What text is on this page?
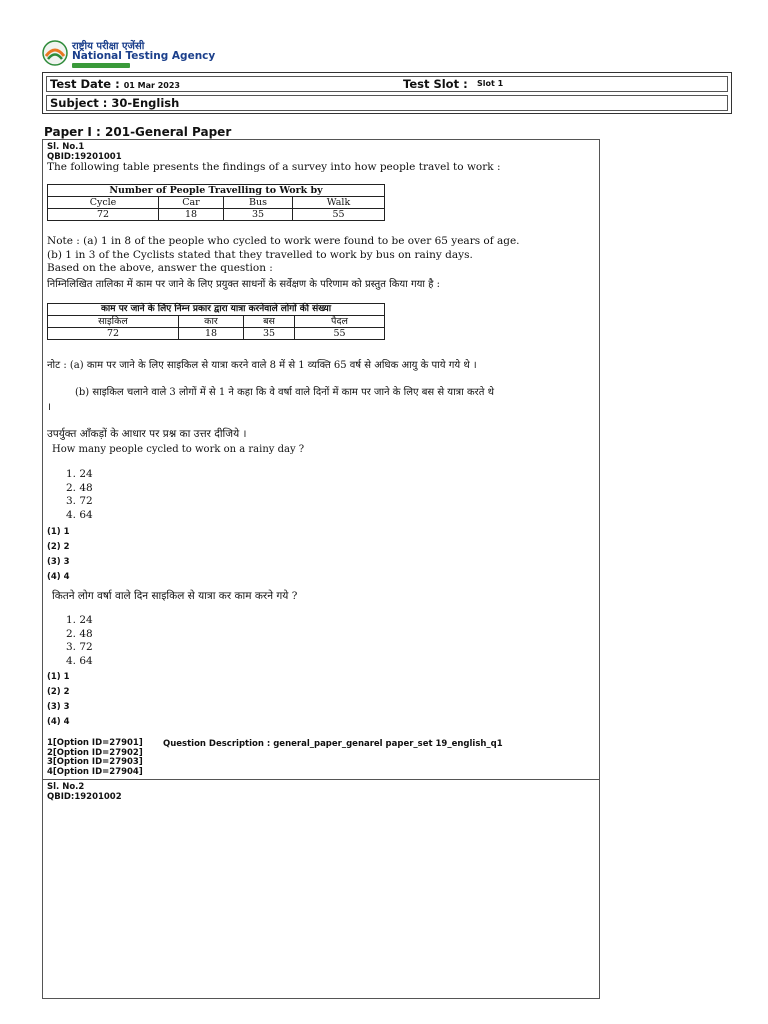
राष्ट्रीय परीक्षा एजेंसी
National Testing Agency
Test Date : 01 Mar 2023	Test Slot : Slot 1
Subject : 30-English
Paper I : 201-General Paper
Sl. No.1
QBID:19201001
The following table presents the findings of a survey into how people travel to work :
Number of People Travelling to Work by			
Cycle	Car	Bus	Walk
72	18	35	55
Note : (a) 1 in 8 of the people who cycled to work were found to be over 65 years of age.
(b) 1 in 3 of the Cyclists stated that they travelled to work by bus on rainy days.
Based on the above, answer the question :
निम्निलिखित तालिका में काम पर जाने के लिए प्रयुक्त साधनों के सर्वेक्षण के परिणाम को प्रस्तुत किया गया है :
काम पर जाने के लिए निम्न प्रकार द्वारा यात्रा करनेवाले लोगों की संख्या			
साइकिल	कार	बस	पैदल
72	18	35	55
नोट : (a) काम पर जाने के लिए साइकिल से यात्रा करने वाले 8 में से 1 व्यक्ति 65 वर्ष से अधिक आयु के पाये गये थे ।
(b) साइकिल चलाने वाले 3 लोगों में से 1 ने कहा कि वे वर्षा वाले दिनों में काम पर जाने के लिए बस से यात्रा करते थे
।
उपर्युक्त आँकड़ों के आधार पर प्रश्न का उत्तर दीजिये ।
How many people cycled to work on a rainy day ?
1. 24
2. 48
3. 72
4. 64
(1) 1
(2) 2
(3) 3
(4) 4
कितने लोग वर्षा वाले दिन साइकिल से यात्रा कर काम करने गये ?
1. 24
2. 48
3. 72
4. 64
(1) 1
(2) 2
(3) 3
(4) 4
1[Option ID=27901]
2[Option ID=27902]
3[Option ID=27903]
4[Option ID=27904]
Question Description : general_paper_genarel paper_set 19_english_q1
Sl. No.2
QBID:19201002
